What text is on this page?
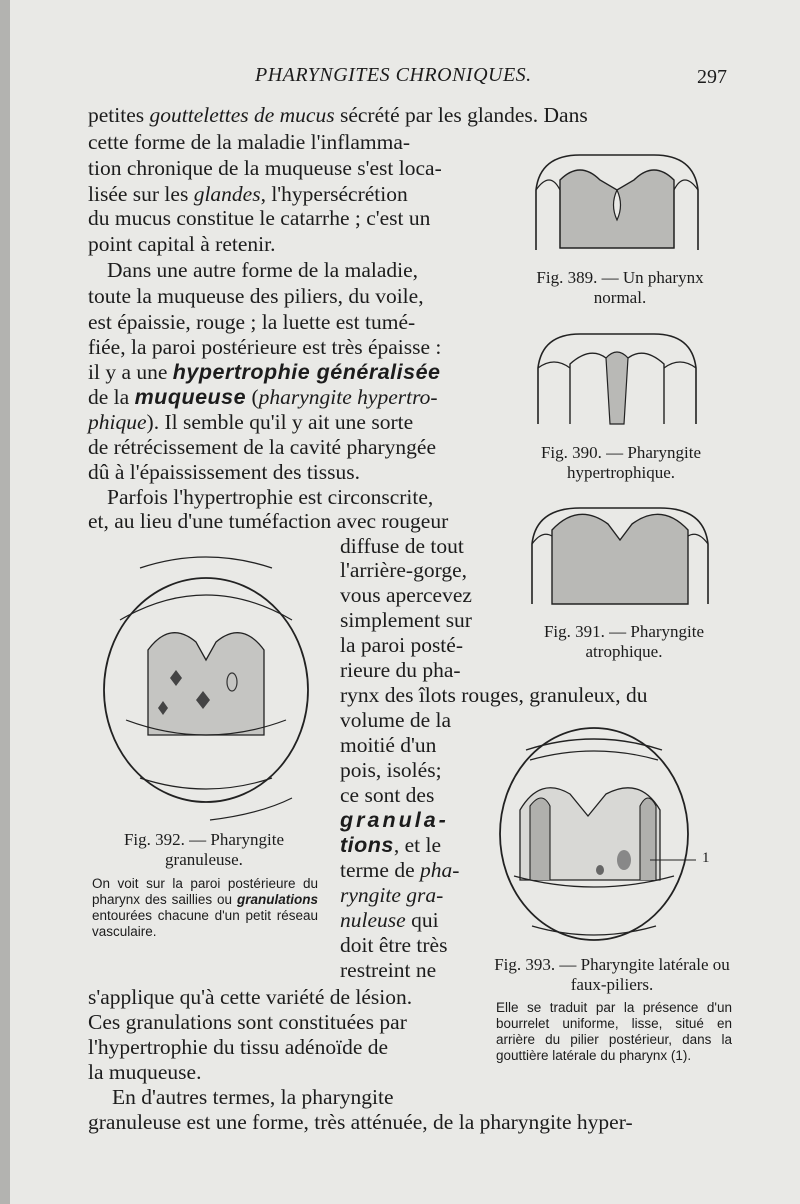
PHARYNGITES CHRONIQUES.	297
petites gouttelettes de mucus sécrété par les glandes. Dans
cette forme de la maladie l'inflamma-
tion chronique de la muqueuse s'est loca-
lisée sur les glandes, l'hypersécrétion
du mucus constitue le catarrhe ; c'est un
point capital à retenir.
Dans une autre forme de la maladie,
toute la muqueuse des piliers, du voile,
est épaissie, rouge ; la luette est tumé-
fiée, la paroi postérieure est très épaisse :
il y a une hypertrophie généralisée
de la muqueuse (pharyngite hypertro-
phique). Il semble qu'il y ait une sorte
de rétrécissement de la cavité pharyngée
dû à l'épaississement des tissus.
Parfois l'hypertrophie est circonscrite,
et, au lieu d'une tuméfaction avec rougeur
diffuse de tout
l'arrière-gorge,
vous apercevez
simplement sur
la paroi posté-
rieure du pha-
rynx des îlots rouges, granuleux, du
volume de la
moitié d'un
pois, isolés;
ce sont des
granula-
tions, et le
terme de pha-
ryngite gra-
nuleuse qui
doit être très
restreint ne
s'applique qu'à cette variété de lésion.
Ces granulations sont constituées par
l'hypertrophie du tissu adénoïde de
la muqueuse.
En d'autres termes, la pharyngite
granuleuse est une forme, très atténuée, de la pharyngite hyper-
Fig. 389. — Un pharynx normal.
Fig. 390. — Pharyngite hypertrophique.
Fig. 391. — Pharyngite atrophique.
Fig. 392. — Pharyngite granuleuse.
On voit sur la paroi postérieure du pharynx des saillies ou granulations entourées chacune d'un petit réseau vasculaire.
1
Fig. 393. — Pharyngite latérale ou faux-piliers.
Elle se traduit par la présence d'un bourrelet uniforme, lisse, situé en arrière du pilier postérieur, dans la gouttière latérale du pharynx (1).
